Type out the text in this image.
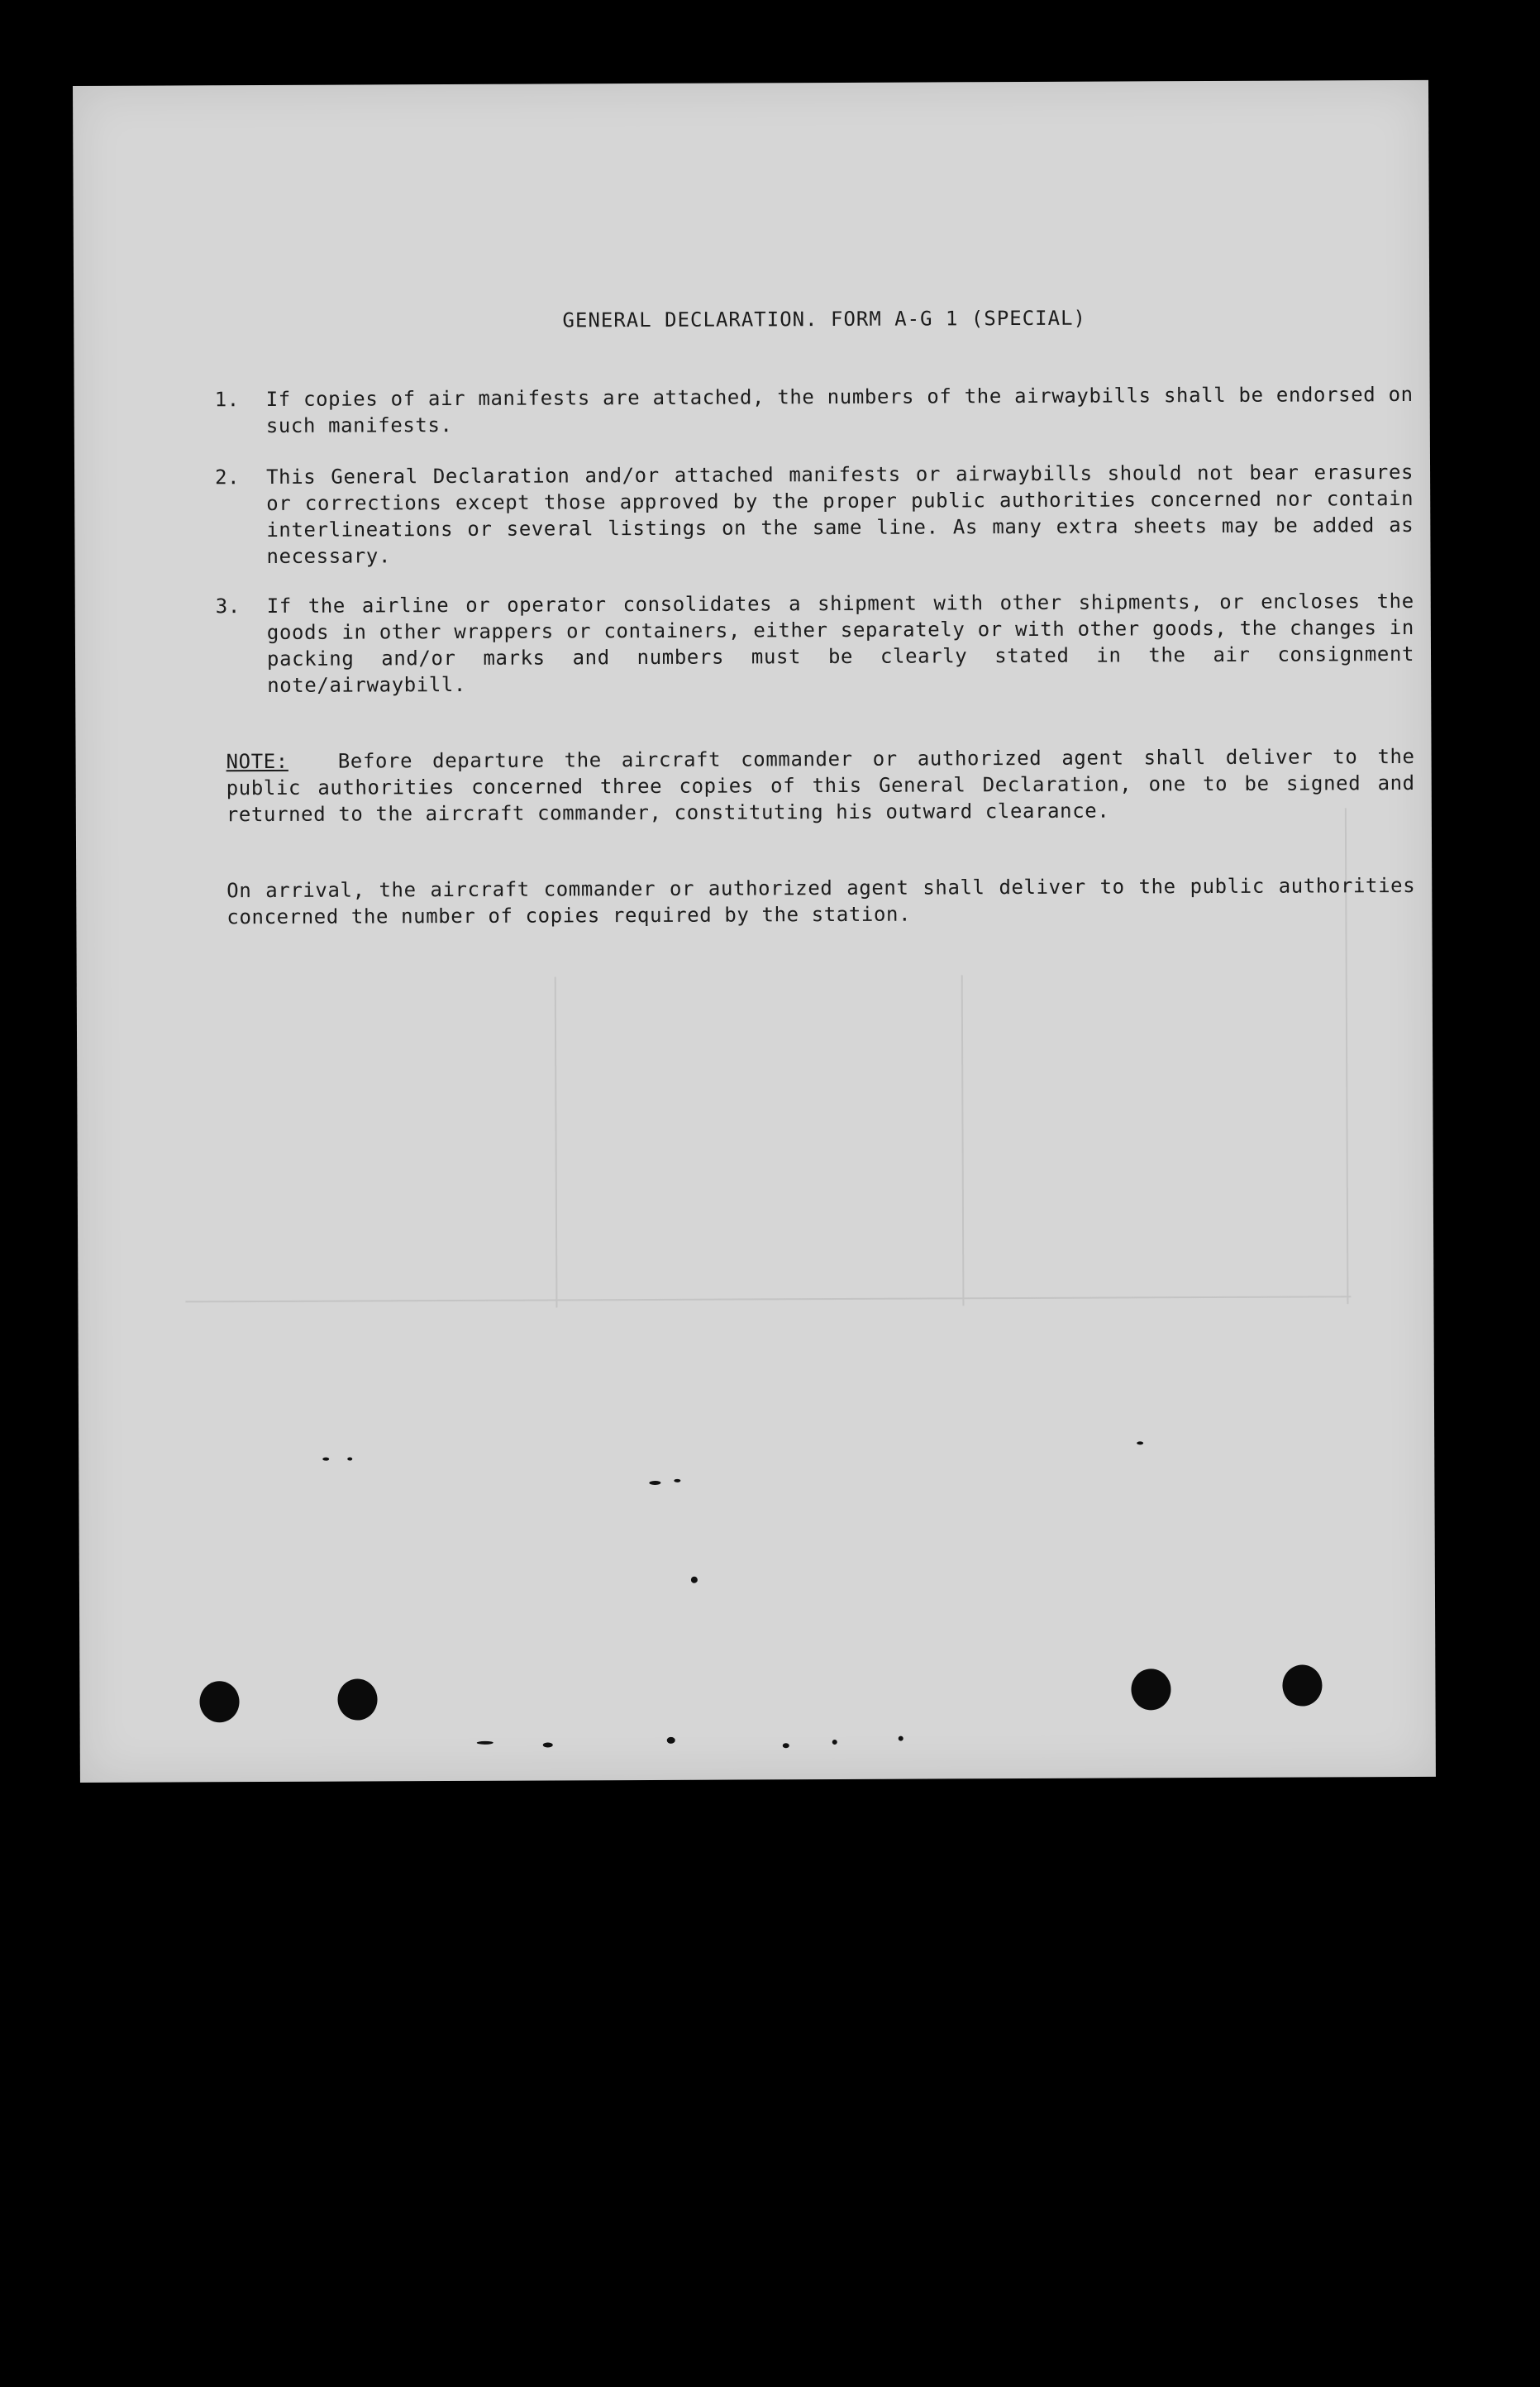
GENERAL DECLARATION. FORM A-G 1 (SPECIAL)
1.	If copies of air manifests are attached, the numbers of the airwaybills shall be endorsed on such manifests.
2.	This General Declaration and/or attached manifests or airwaybills should not bear erasures or corrections except those approved by the proper public authorities concerned nor contain interlineations or several listings on the same line. As many extra sheets may be added as necessary.
3.	If the airline or operator consolidates a shipment with other shipments, or encloses the goods in other wrappers or containers, either separately or with other goods, the changes in packing and/or marks and numbers must be clearly stated in the air consignment note/airwaybill.
NOTE: Before departure the aircraft commander or authorized agent shall deliver to the public authorities concerned three copies of this General Declaration, one to be signed and returned to the aircraft commander, constituting his outward clearance.
On arrival, the aircraft commander or authorized agent shall deliver to the public authorities concerned the number of copies required by the station.
